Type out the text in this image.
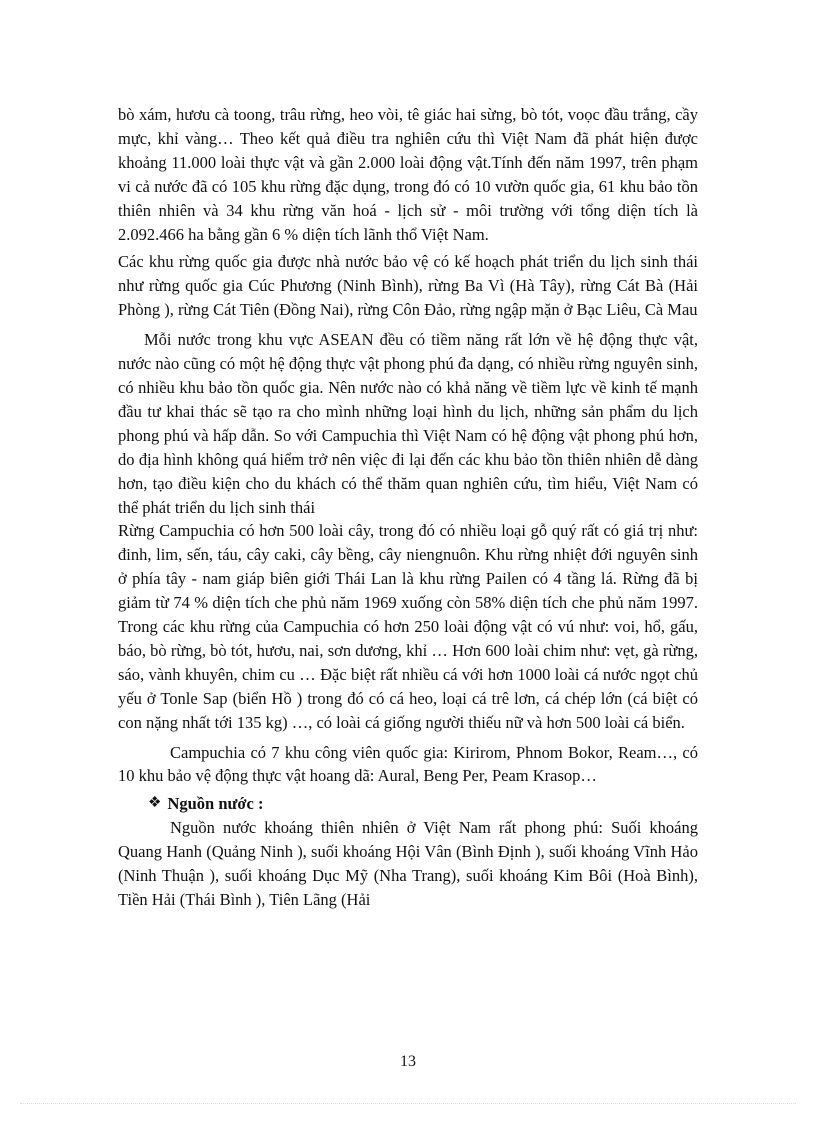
bò xám, hươu cà toong, trâu rừng, heo vòi, tê giác hai sừng, bò tót, voọc đầu trắng, cầy mực, khỉ vàng… Theo kết quả điều tra nghiên cứu thì Việt Nam đã phát hiện được khoảng 11.000 loài thực vật và gần 2.000 loài động vật.Tính đến năm 1997, trên phạm vi cả nước đã có 105 khu rừng đặc dụng, trong đó có 10 vườn quốc gia, 61 khu bảo tồn thiên nhiên và 34 khu rừng văn hoá - lịch sử - môi trường với tổng diện tích là 2.092.466 ha bằng gần 6 % diện tích lãnh thổ Việt Nam.

Các khu rừng quốc gia được nhà nước bảo vệ có kế hoạch phát triển du lịch sinh thái như rừng quốc gia Cúc Phương (Ninh Bình), rừng Ba Vì (Hà Tây), rừng Cát Bà (Hải Phòng ), rừng Cát Tiên (Đồng Nai), rừng Côn Đảo, rừng ngập mặn ở Bạc Liêu, Cà Mau

Mỗi nước trong khu vực ASEAN đều có tiềm năng rất lớn về hệ động thực vật, nước nào cũng có một hệ động thực vật phong phú đa dạng, có nhiều rừng nguyên sinh, có nhiều khu bảo tồn quốc gia. Nên nước nào có khả năng về tiềm lực về kinh tế mạnh đầu tư khai thác sẽ tạo ra cho mình những loại hình du lịch, những sản phẩm du lịch phong phú và hấp dẫn. So với Campuchia thì Việt Nam có hệ động vật phong phú hơn, do địa hình không quá hiểm trở nên việc đi lại đến các khu bảo tồn thiên nhiên dễ dàng hơn, tạo điều kiện cho du khách có thể thăm quan nghiên cứu, tìm hiểu, Việt Nam có thể phát triển du lịch sinh thái

Rừng Campuchia có hơn 500 loài cây, trong đó có nhiều loại gỗ quý rất có giá trị như: đinh, lim, sến, táu, cây caki, cây bềng, cây niengnuôn. Khu rừng nhiệt đới nguyên sinh ở phía tây - nam giáp biên giới Thái Lan là khu rừng Pailen có 4 tầng lá. Rừng đã bị giảm từ 74 % diện tích che phủ năm 1969 xuống còn 58% diện tích che phủ năm 1997. Trong các khu rừng của Campuchia có hơn 250 loài động vật có vú như: voi, hổ, gấu, báo, bò rừng, bò tót, hươu, nai, sơn dương, khỉ … Hơn 600 loài chim như: vẹt, gà rừng, sáo, vành khuyên, chim cu … Đặc biệt rất nhiều cá với hơn 1000 loài cá nước ngọt chủ yếu ở Tonle Sap (biển Hồ ) trong đó có cá heo, loại cá trê lơn, cá chép lớn (cá biệt có con nặng nhất tới 135 kg) …, có loài cá giống người thiếu nữ và hơn 500 loài cá biển.

Campuchia có 7 khu công viên quốc gia: Kirirom, Phnom Bokor, Ream…, có 10 khu bảo vệ động thực vật hoang dã: Aural, Beng Per, Peam Krasop…

❖ Nguồn nước :

Nguồn nước khoáng thiên nhiên ở Việt Nam rất phong phú: Suối khoáng Quang Hanh (Quảng Ninh ), suối khoáng Hội Vân (Bình Định ), suối khoáng Vĩnh Hảo (Ninh Thuận ), suối khoáng Dục Mỹ (Nha Trang), suối khoáng Kim Bôi (Hoà Bình), Tiền Hải (Thái Bình ), Tiên Lãng (Hải

13
